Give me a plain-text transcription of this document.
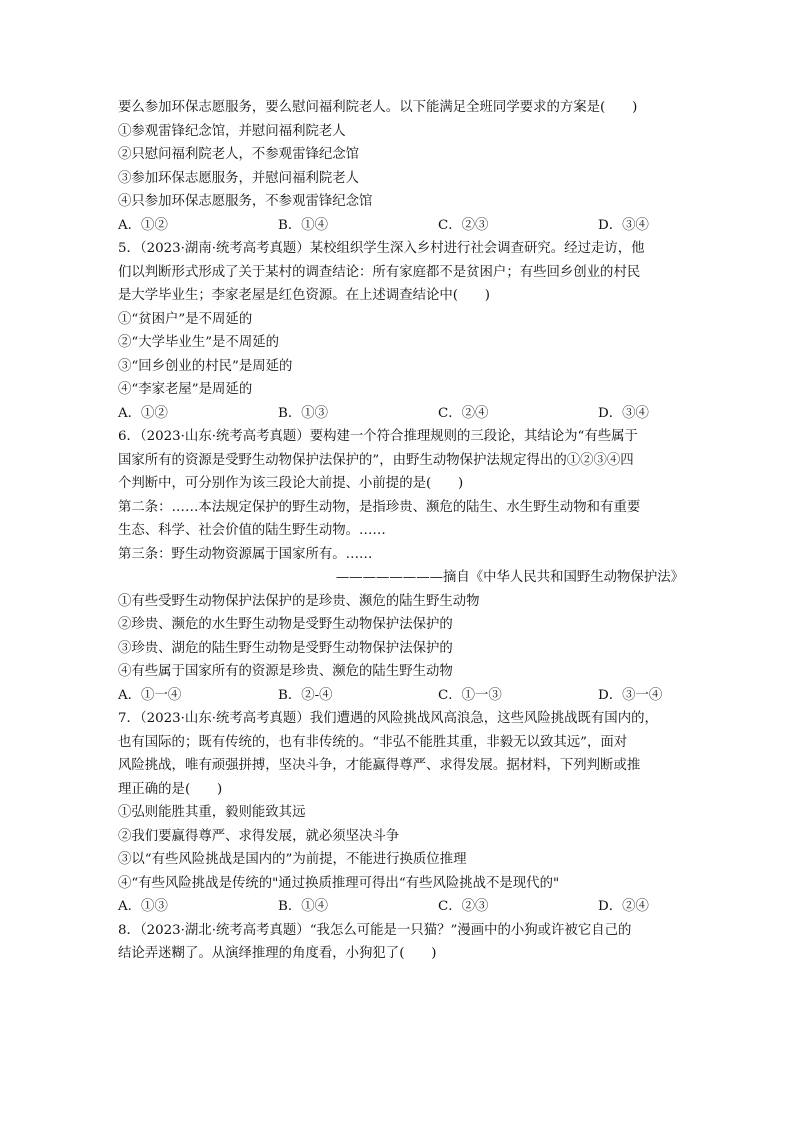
要么参加环保志愿服务，要么慰问福利院老人。以下能满足全班同学要求的方案是(　　)
①参观雷锋纪念馆，并慰问福利院老人
②只慰问福利院老人，不参观雷锋纪念馆
③参加环保志愿服务，并慰问福利院老人
④只参加环保志愿服务，不参观雷锋纪念馆
A．①②	B．①④	C．②③	D．③④
5．（2023·湖南·统考高考真题）某校组织学生深入乡村进行社会调查研究。经过走访，他
们以判断形式形成了关于某村的调查结论：所有家庭都不是贫困户；有些回乡创业的村民
是大学毕业生；李家老屋是红色资源。在上述调查结论中(　　)
①“贫困户”是不周延的
②“大学毕业生”是不周延的
③“回乡创业的村民”是周延的
④“李家老屋”是周延的
A．①②	B．①③	C．②④	D．③④
6．（2023·山东·统考高考真题）要构建一个符合推理规则的三段论，其结论为“有些属于
国家所有的资源是受野生动物保护法保护的”，由野生动物保护法规定得出的①②③④四
个判断中，可分别作为该三段论大前提、小前提的是(　　)
第二条：……本法规定保护的野生动物，是指珍贵、濒危的陆生、水生野生动物和有重要
生态、科学、社会价值的陆生野生动物。……
第三条：野生动物资源属于国家所有。……
————————摘自《中华人民共和国野生动物保护法》
①有些受野生动物保护法保护的是珍贵、濒危的陆生野生动物
②珍贵、濒危的水生野生动物是受野生动物保护法保护的
③珍贵、湖危的陆生野生动物是受野生动物保护法保护的
④有些属于国家所有的资源是珍贵、濒危的陆生野生动物
A．①一④	B．②-④	C．①一③	D．③一④
7．（2023·山东·统考高考真题）我们遭遇的风险挑战风高浪急，这些风险挑战既有国内的，
也有国际的；既有传统的，也有非传统的。“非弘不能胜其重，非毅无以致其远”，面对
风险挑战，唯有顽强拼搏，坚决斗争，才能赢得尊严、求得发展。据材料，下列判断或推
理正确的是(　　)
①弘则能胜其重，毅则能致其远
②我们要赢得尊严、求得发展，就必须坚决斗争
③以“有些风险挑战是国内的”为前提，不能进行换质位推理
④“有些风险挑战是传统的"通过换质推理可得出“有些风险挑战不是现代的"
A．①③	B．①④	C．②③	D．②④
8．（2023·湖北·统考高考真题）“我怎么可能是一只猫？”漫画中的小狗或许被它自己的
结论弄迷糊了。从演绎推理的角度看，小狗犯了(　　)
